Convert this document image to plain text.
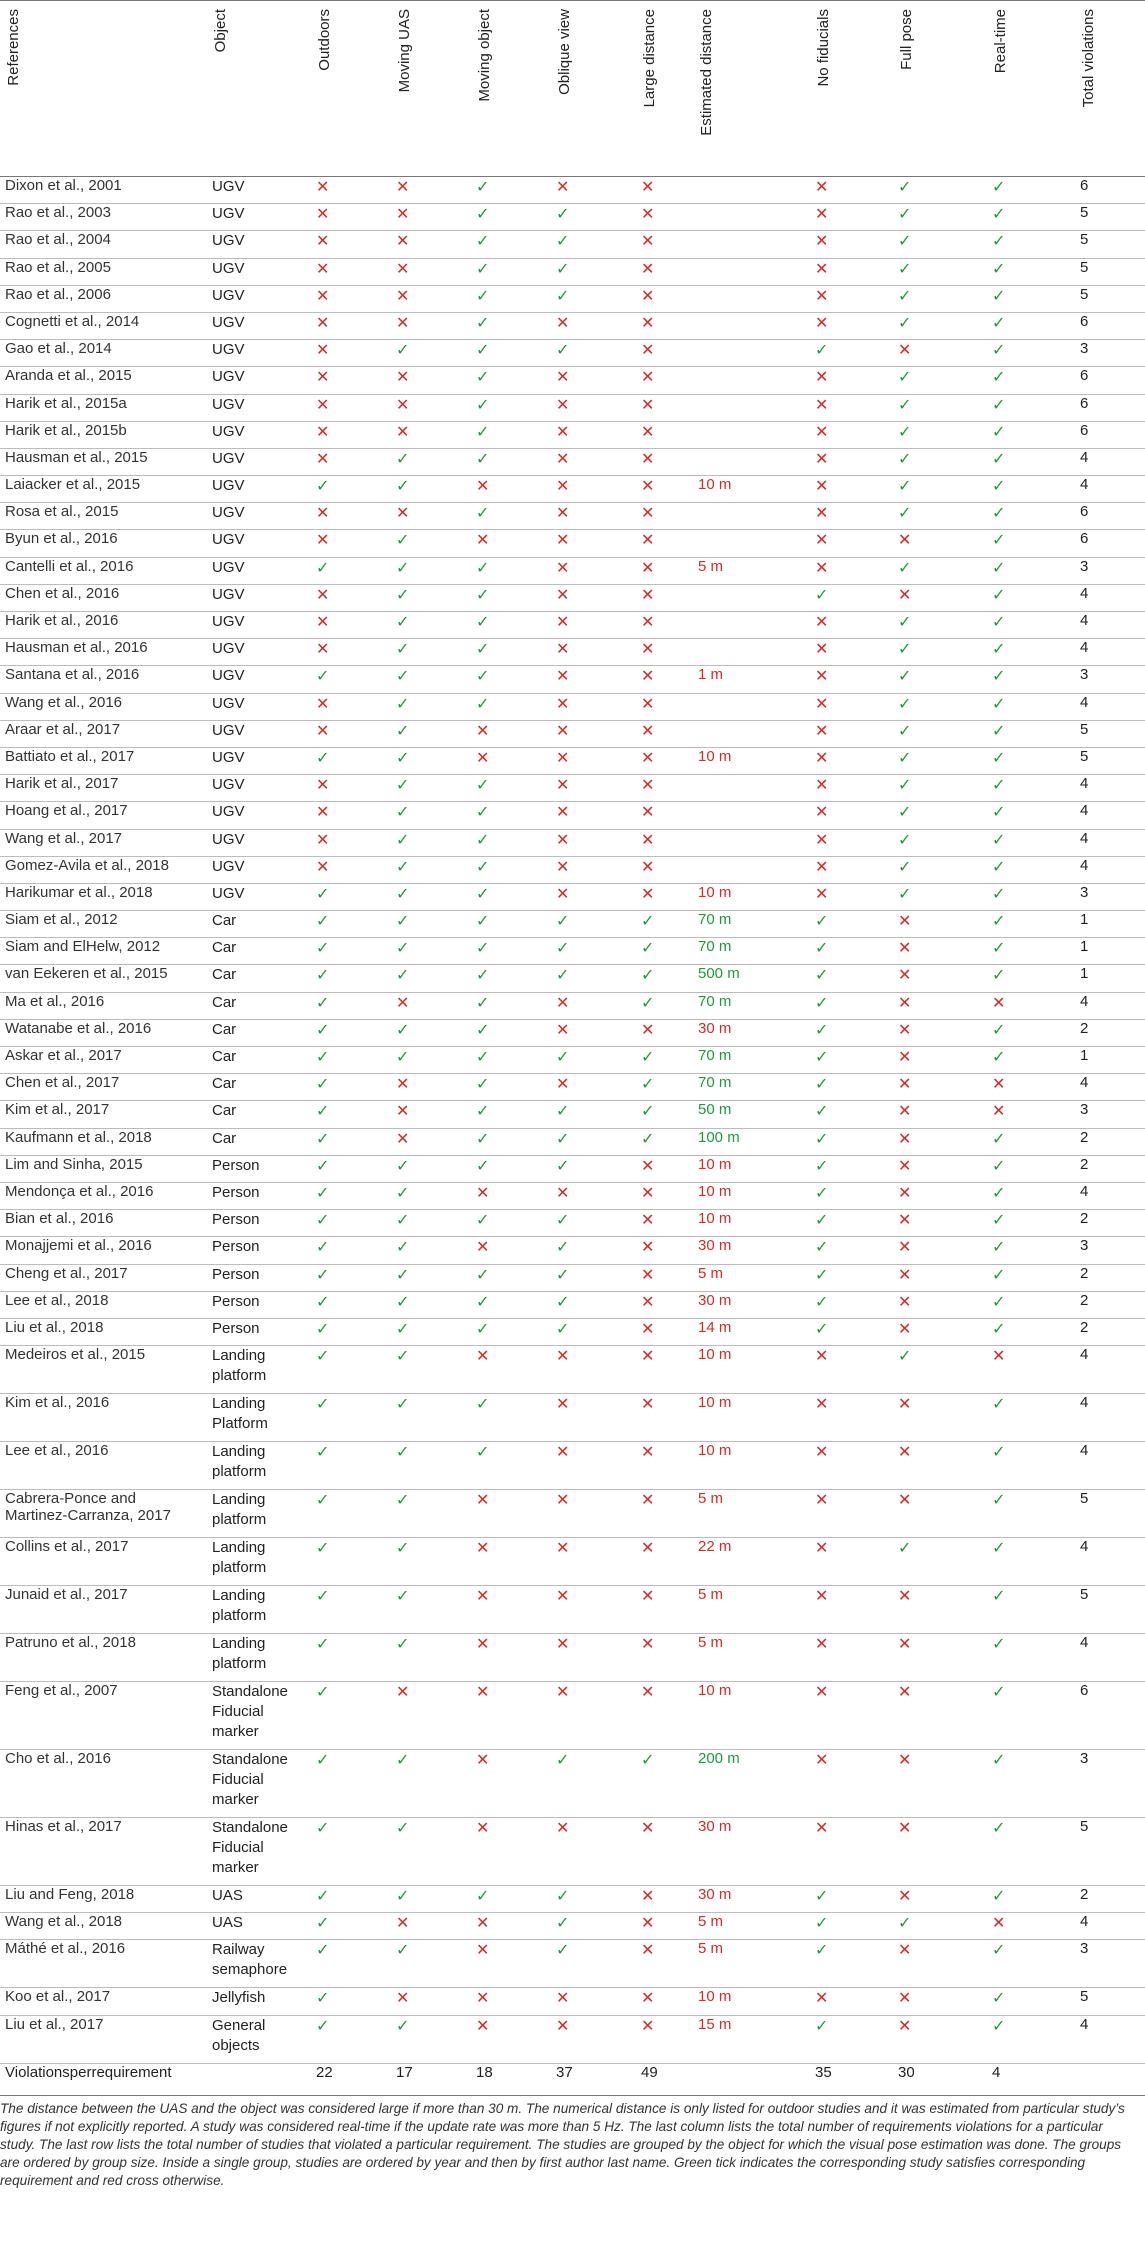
References	Object	Outdoors	Moving UAS	Moving object	Oblique view	Large distance	Estimated distance	No fiducials	Full pose	Real-time	Total violations
Dixon et al., 2001	UGV	✕	✕	✓	✕	✕		✕	✓	✓	6
Rao et al., 2003	UGV	✕	✕	✓	✓	✕		✕	✓	✓	5
Rao et al., 2004	UGV	✕	✕	✓	✓	✕		✕	✓	✓	5
Rao et al., 2005	UGV	✕	✕	✓	✓	✕		✕	✓	✓	5
Rao et al., 2006	UGV	✕	✕	✓	✓	✕		✕	✓	✓	5
Cognetti et al., 2014	UGV	✕	✕	✓	✕	✕		✕	✓	✓	6
Gao et al., 2014	UGV	✕	✓	✓	✓	✕		✓	✕	✓	3
Aranda et al., 2015	UGV	✕	✕	✓	✕	✕		✕	✓	✓	6
Harik et al., 2015a	UGV	✕	✕	✓	✕	✕		✕	✓	✓	6
Harik et al., 2015b	UGV	✕	✕	✓	✕	✕		✕	✓	✓	6
Hausman et al., 2015	UGV	✕	✓	✓	✕	✕		✕	✓	✓	4
Laiacker et al., 2015	UGV	✓	✓	✕	✕	✕	10 m	✕	✓	✓	4
Rosa et al., 2015	UGV	✕	✕	✓	✕	✕		✕	✓	✓	6
Byun et al., 2016	UGV	✕	✓	✕	✕	✕		✕	✕	✓	6
Cantelli et al., 2016	UGV	✓	✓	✓	✕	✕	5 m	✕	✓	✓	3
Chen et al., 2016	UGV	✕	✓	✓	✕	✕		✓	✕	✓	4
Harik et al., 2016	UGV	✕	✓	✓	✕	✕		✕	✓	✓	4
Hausman et al., 2016	UGV	✕	✓	✓	✕	✕		✕	✓	✓	4
Santana et al., 2016	UGV	✓	✓	✓	✕	✕	1 m	✕	✓	✓	3
Wang et al., 2016	UGV	✕	✓	✓	✕	✕		✕	✓	✓	4
Araar et al., 2017	UGV	✕	✓	✕	✕	✕		✕	✓	✓	5
Battiato et al., 2017	UGV	✓	✓	✕	✕	✕	10 m	✕	✓	✓	5
Harik et al., 2017	UGV	✕	✓	✓	✕	✕		✕	✓	✓	4
Hoang et al., 2017	UGV	✕	✓	✓	✕	✕		✕	✓	✓	4
Wang et al., 2017	UGV	✕	✓	✓	✕	✕		✕	✓	✓	4
Gomez-Avila et al., 2018	UGV	✕	✓	✓	✕	✕		✕	✓	✓	4
Harikumar et al., 2018	UGV	✓	✓	✓	✕	✕	10 m	✕	✓	✓	3
Siam et al., 2012	Car	✓	✓	✓	✓	✓	70 m	✓	✕	✓	1
Siam and ElHelw, 2012	Car	✓	✓	✓	✓	✓	70 m	✓	✕	✓	1
van Eekeren et al., 2015	Car	✓	✓	✓	✓	✓	500 m	✓	✕	✓	1
Ma et al., 2016	Car	✓	✕	✓	✕	✓	70 m	✓	✕	✕	4
Watanabe et al., 2016	Car	✓	✓	✓	✕	✕	30 m	✓	✕	✓	2
Askar et al., 2017	Car	✓	✓	✓	✓	✓	70 m	✓	✕	✓	1
Chen et al., 2017	Car	✓	✕	✓	✕	✓	70 m	✓	✕	✕	4
Kim et al., 2017	Car	✓	✕	✓	✓	✓	50 m	✓	✕	✕	3
Kaufmann et al., 2018	Car	✓	✕	✓	✓	✓	100 m	✓	✕	✓	2
Lim and Sinha, 2015	Person	✓	✓	✓	✓	✕	10 m	✓	✕	✓	2
Mendonça et al., 2016	Person	✓	✓	✕	✕	✕	10 m	✓	✕	✓	4
Bian et al., 2016	Person	✓	✓	✓	✓	✕	10 m	✓	✕	✓	2
Monajjemi et al., 2016	Person	✓	✓	✕	✓	✕	30 m	✓	✕	✓	3
Cheng et al., 2017	Person	✓	✓	✓	✓	✕	5 m	✓	✕	✓	2
Lee et al., 2018	Person	✓	✓	✓	✓	✕	30 m	✓	✕	✓	2
Liu et al., 2018	Person	✓	✓	✓	✓	✕	14 m	✓	✕	✓	2
Medeiros et al., 2015	Landing
platform	✓	✓	✕	✕	✕	10 m	✕	✓	✕	4
Kim et al., 2016	Landing
Platform	✓	✓	✓	✕	✕	10 m	✕	✕	✓	4
Lee et al., 2016	Landing
platform	✓	✓	✓	✕	✕	10 m	✕	✕	✓	4
Cabrera-Ponce and
Martinez-Carranza, 2017	Landing
platform	✓	✓	✕	✕	✕	5 m	✕	✕	✓	5
Collins et al., 2017	Landing
platform	✓	✓	✕	✕	✕	22 m	✕	✓	✓	4
Junaid et al., 2017	Landing
platform	✓	✓	✕	✕	✕	5 m	✕	✕	✓	5
Patruno et al., 2018	Landing
platform	✓	✓	✕	✕	✕	5 m	✕	✕	✓	4
Feng et al., 2007	Standalone
Fiducial
marker	✓	✕	✕	✕	✕	10 m	✕	✕	✓	6
Cho et al., 2016	Standalone
Fiducial
marker	✓	✓	✕	✓	✓	200 m	✕	✕	✓	3
Hinas et al., 2017	Standalone
Fiducial
marker	✓	✓	✕	✕	✕	30 m	✕	✕	✓	5
Liu and Feng, 2018	UAS	✓	✓	✓	✓	✕	30 m	✓	✕	✓	2
Wang et al., 2018	UAS	✓	✕	✕	✓	✕	5 m	✓	✓	✕	4
Máthé et al., 2016	Railway
semaphore	✓	✓	✕	✓	✕	5 m	✓	✕	✓	3
Koo et al., 2017	Jellyfish	✓	✕	✕	✕	✕	10 m	✕	✕	✓	5
Liu et al., 2017	General
objects	✓	✓	✕	✕	✕	15 m	✓	✕	✓	4
Violationsperrequirement		22	17	18	37	49		35	30	4	
The distance between the UAS and the object was considered large if more than 30 m. The numerical distance is only listed for outdoor studies and it was estimated from particular study’s figures if not explicitly reported. A study was considered real-time if the update rate was more than 5 Hz. The last column lists the total number of requirements violations for a particular study. The last row lists the total number of studies that violated a particular requirement. The studies are grouped by the object for which the visual pose estimation was done. The groups are ordered by group size. Inside a single group, studies are ordered by year and then by first author last name. Green tick indicates the corresponding study satisfies corresponding requirement and red cross otherwise.
